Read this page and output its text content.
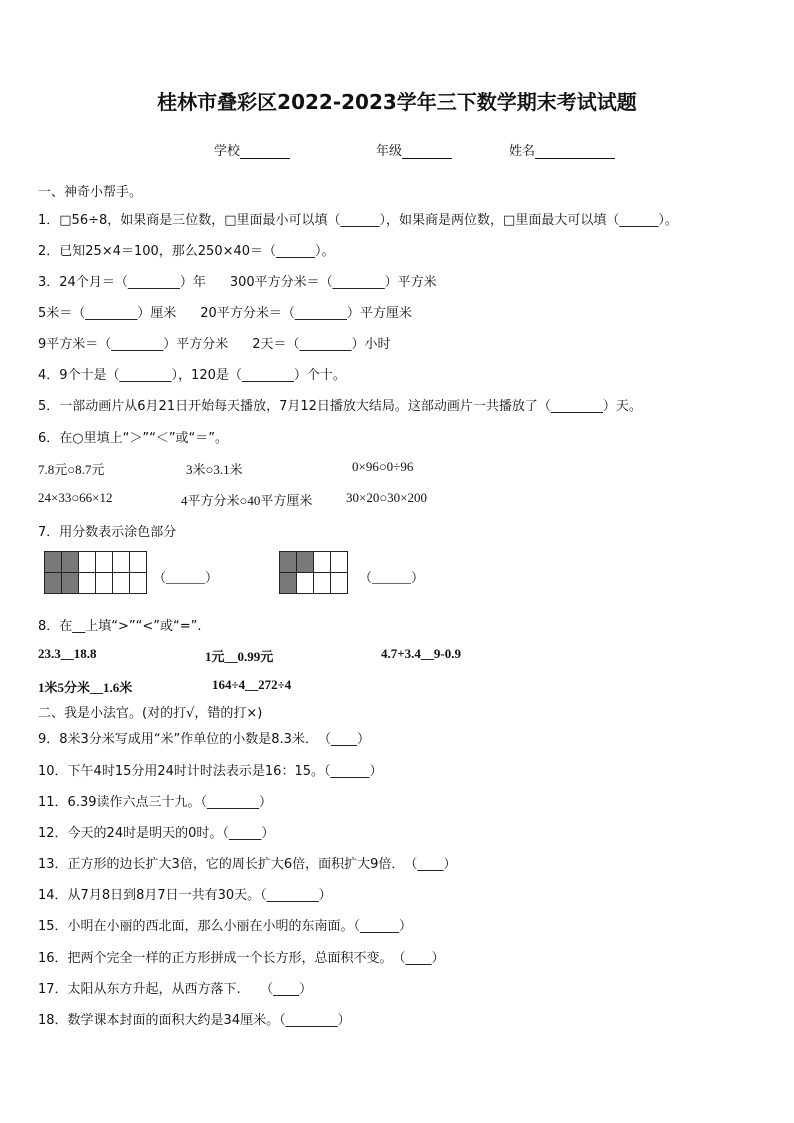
桂林市叠彩区2022-2023学年三下数学期末考试试题
学校	年级	姓名
一、神奇小帮手。
1．□56÷8，如果商是三位数，□里面最小可以填（______），如果商是两位数，□里面最大可以填（______）。
2．已知25×4＝100，那么250×40＝（______）。
3．24个月＝（________）年 300平方分米＝（________）平方米
5米＝（________）厘米 20平方分米＝（________）平方厘米
9平方米＝（________）平方分米 2天＝（________）小时
4．9个十是（________），120是（________）个十。
5．一部动画片从6月21日开始每天播放，7月12日播放大结局。这部动画片一共播放了（________）天。
6．在○里填上“＞”“＜”或“＝”。
7.8元○8.7元	3米○3.1米	0×96○0÷96
24×33○66×12	4平方分米○40平方厘米	30×20○30×200
7．用分数表示涂色部分

（______）

				（______）
8．在__上填“>”“<”或“=”.
23.3__18.8	1元__0.99元	4.7+3.4__9-0.9
1米5分米__1.6米	164÷4__272÷4
二、我是小法官。(对的打√，错的打×)
9．8米3分米写成用“米”作单位的小数是8.3米．　（____）
10．下午4时15分用24时计时法表示是16：15。（______）
11．6.39读作六点三十九。（________）
12．今天的24时是明天的0时。（_____）
13．正方形的边长扩大3倍，它的周长扩大6倍，面积扩大9倍．　（____）
14．从7月8日到8月7日一共有30天。（________）
15．小明在小丽的西北面，那么小丽在小明的东南面。（______）
16．把两个完全一样的正方形拼成一个长方形，总面积不变。　（____）
17．太阳从东方升起，从西方落下.　　（____）
18．数学课本封面的面积大约是34厘米。（________）
